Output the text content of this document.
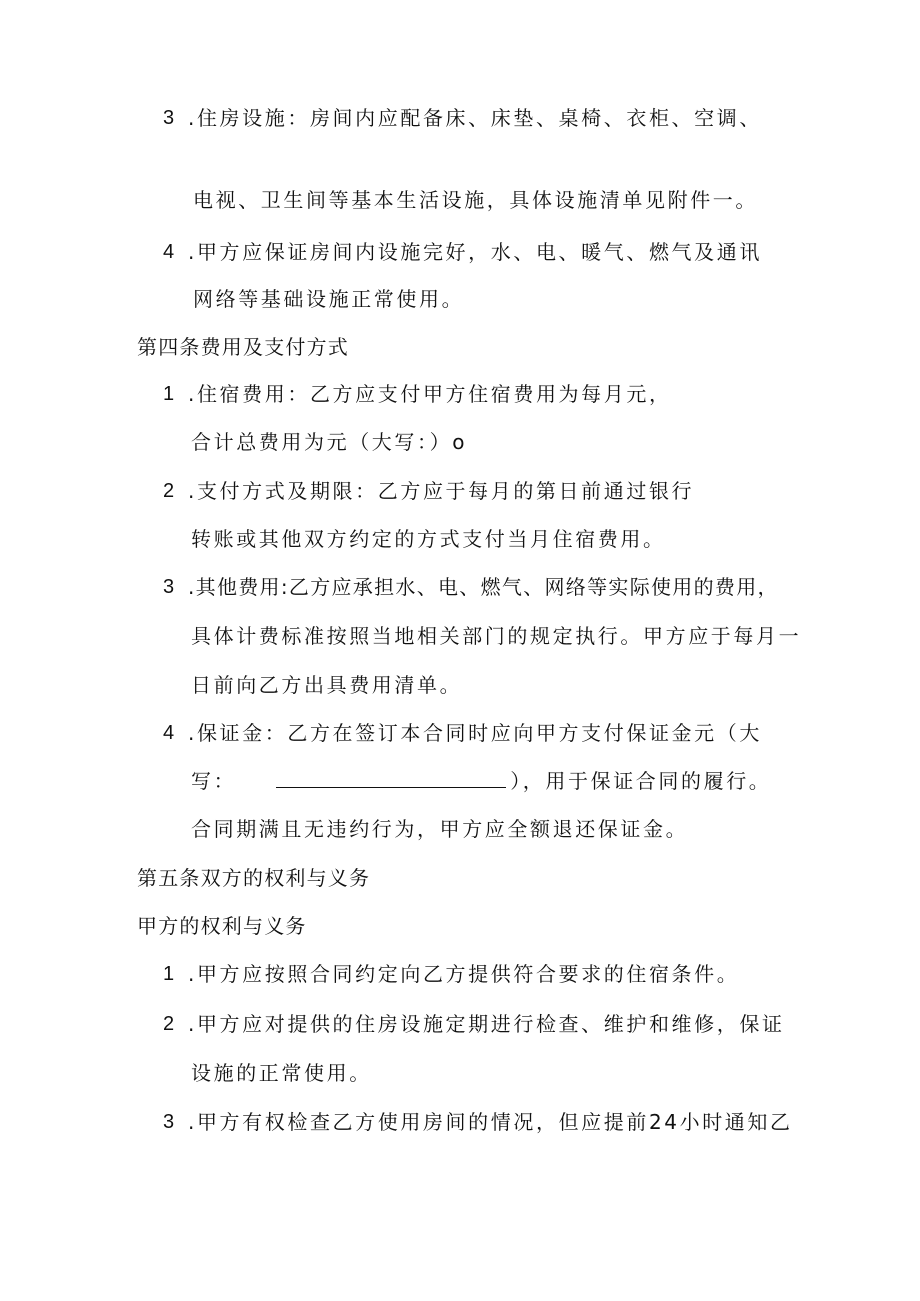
3 .住房设施：房间内应配备床、床垫、桌椅、衣柜、空调、
电视、卫生间等基本生活设施，具体设施清单见附件一。
4 .甲方应保证房间内设施完好，水、电、暖气、燃气及通讯
网络等基础设施正常使用。
第四条费用及支付方式
1 .住宿费用：乙方应支付甲方住宿费用为每月元，
合计总费用为元（大写：）o
2 .支付方式及期限：乙方应于每月的第日前通过银行
转账或其他双方约定的方式支付当月住宿费用。
3 .其他费用:乙方应承担水、电、燃气、网络等实际使用的费用，
具体计费标准按照当地相关部门的规定执行。甲方应于每月一
日前向乙方出具费用清单。
4 .保证金：乙方在签订本合同时应向甲方支付保证金元（大
写：	），用于保证合同的履行。
合同期满且无违约行为，甲方应全额退还保证金。
第五条双方的权利与义务
甲方的权利与义务
1 .甲方应按照合同约定向乙方提供符合要求的住宿条件。
2 .甲方应对提供的住房设施定期进行检查、维护和维修，保证
设施的正常使用。
3 .甲方有权检查乙方使用房间的情况，但应提前24小时通知乙
